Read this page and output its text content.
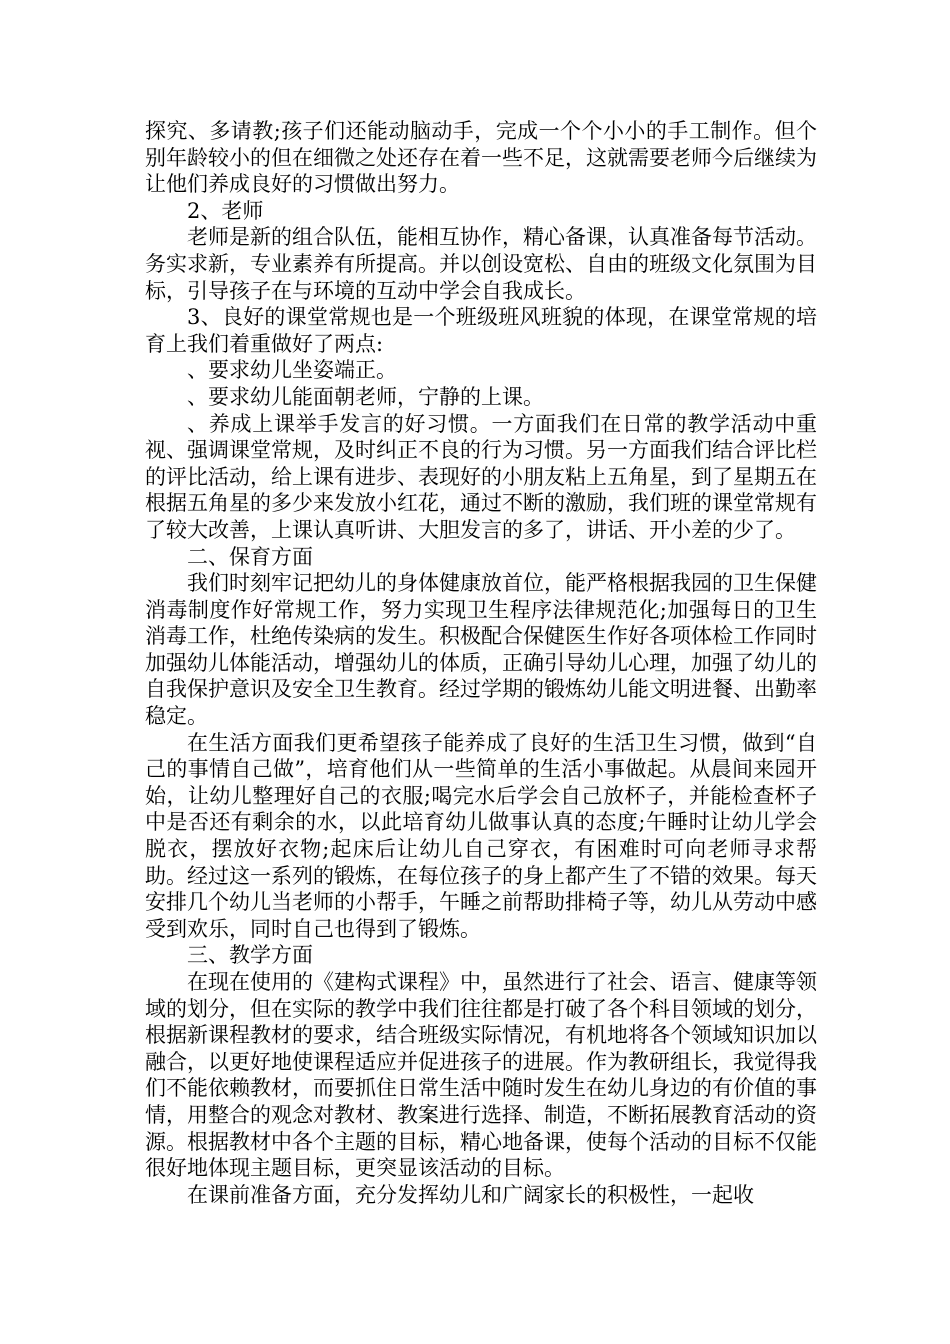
探究、多请教;孩子们还能动脑动手，完成一个个小小的手工制作。但个别年龄较小的但在细微之处还存在着一些不足，这就需要老师今后继续为让他们养成良好的习惯做出努力。

2、老师

老师是新的组合队伍，能相互协作，精心备课，认真准备每节活动。务实求新，专业素养有所提高。并以创设宽松、自由的班级文化氛围为目标，引导孩子在与环境的互动中学会自我成长。

3、良好的课堂常规也是一个班级班风班貌的体现，在课堂常规的培育上我们着重做好了两点:

、要求幼儿坐姿端正。

、要求幼儿能面朝老师，宁静的上课。

、养成上课举手发言的好习惯。一方面我们在日常的教学活动中重视、强调课堂常规，及时纠正不良的行为习惯。另一方面我们结合评比栏的评比活动，给上课有进步、表现好的小朋友粘上五角星，到了星期五在根据五角星的多少来发放小红花，通过不断的激励，我们班的课堂常规有了较大改善，上课认真听讲、大胆发言的多了，讲话、开小差的少了。

二、保育方面

我们时刻牢记把幼儿的身体健康放首位，能严格根据我园的卫生保健消毒制度作好常规工作，努力实现卫生程序法律规范化;加强每日的卫生消毒工作，杜绝传染病的发生。积极配合保健医生作好各项体检工作同时加强幼儿体能活动，增强幼儿的体质，正确引导幼儿心理，加强了幼儿的自我保护意识及安全卫生教育。经过学期的锻炼幼儿能文明进餐、出勤率稳定。

在生活方面我们更希望孩子能养成了良好的生活卫生习惯，做到“自己的事情自己做”，培育他们从一些简单的生活小事做起。从晨间来园开始，让幼儿整理好自己的衣服;喝完水后学会自己放杯子，并能检查杯子中是否还有剩余的水，以此培育幼儿做事认真的态度;午睡时让幼儿学会脱衣，摆放好衣物;起床后让幼儿自己穿衣，有困难时可向老师寻求帮助。经过这一系列的锻炼，在每位孩子的身上都产生了不错的效果。每天安排几个幼儿当老师的小帮手，午睡之前帮助排椅子等，幼儿从劳动中感受到欢乐，同时自己也得到了锻炼。

三、教学方面

在现在使用的《建构式课程》中，虽然进行了社会、语言、健康等领域的划分，但在实际的教学中我们往往都是打破了各个科目领域的划分，根据新课程教材的要求，结合班级实际情况，有机地将各个领域知识加以融合，以更好地使课程适应并促进孩子的进展。作为教研组长，我觉得我们不能依赖教材，而要抓住日常生活中随时发生在幼儿身边的有价值的事情，用整合的观念对教材、教案进行选择、制造，不断拓展教育活动的资源。根据教材中各个主题的目标，精心地备课，使每个活动的目标不仅能很好地体现主题目标，更突显该活动的目标。

在课前准备方面，充分发挥幼儿和广阔家长的积极性，一起收
